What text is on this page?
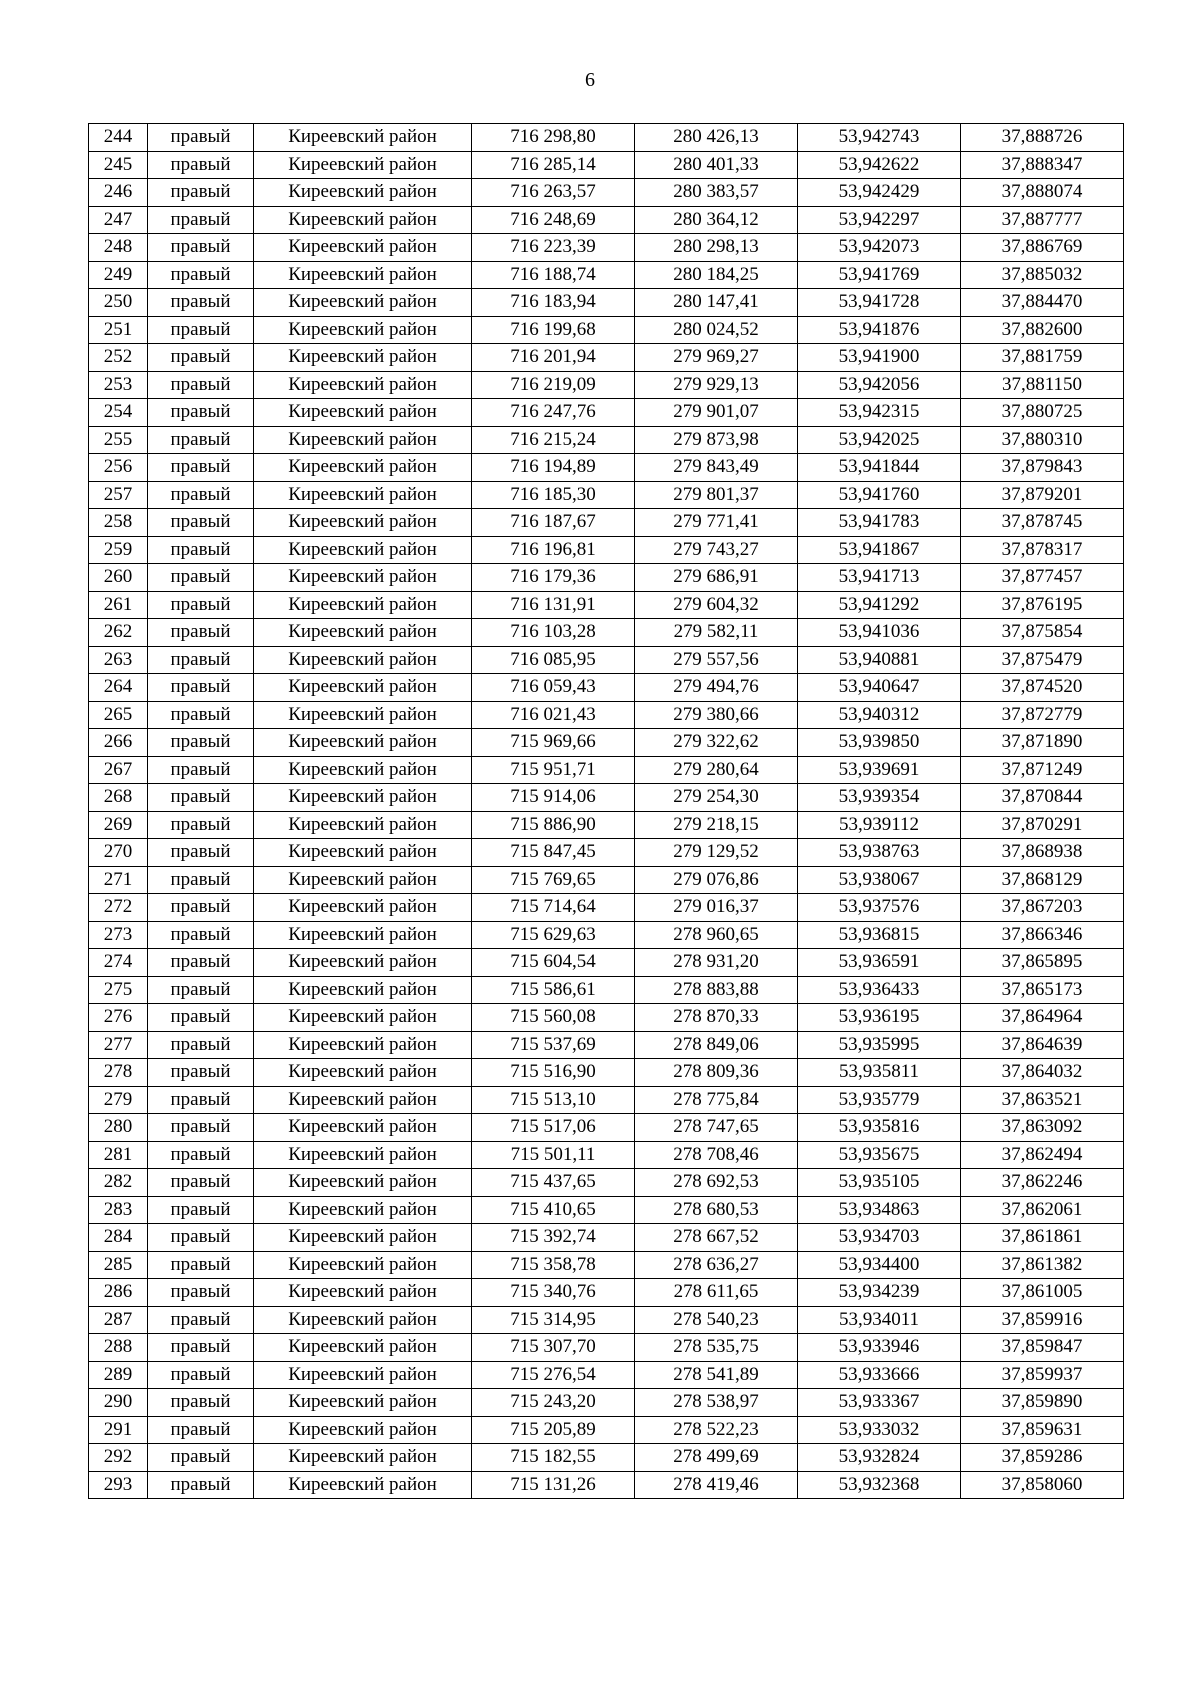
6
244	правый	Киреевский район	716 298,80	280 426,13	53,942743	37,888726
245	правый	Киреевский район	716 285,14	280 401,33	53,942622	37,888347
246	правый	Киреевский район	716 263,57	280 383,57	53,942429	37,888074
247	правый	Киреевский район	716 248,69	280 364,12	53,942297	37,887777
248	правый	Киреевский район	716 223,39	280 298,13	53,942073	37,886769
249	правый	Киреевский район	716 188,74	280 184,25	53,941769	37,885032
250	правый	Киреевский район	716 183,94	280 147,41	53,941728	37,884470
251	правый	Киреевский район	716 199,68	280 024,52	53,941876	37,882600
252	правый	Киреевский район	716 201,94	279 969,27	53,941900	37,881759
253	правый	Киреевский район	716 219,09	279 929,13	53,942056	37,881150
254	правый	Киреевский район	716 247,76	279 901,07	53,942315	37,880725
255	правый	Киреевский район	716 215,24	279 873,98	53,942025	37,880310
256	правый	Киреевский район	716 194,89	279 843,49	53,941844	37,879843
257	правый	Киреевский район	716 185,30	279 801,37	53,941760	37,879201
258	правый	Киреевский район	716 187,67	279 771,41	53,941783	37,878745
259	правый	Киреевский район	716 196,81	279 743,27	53,941867	37,878317
260	правый	Киреевский район	716 179,36	279 686,91	53,941713	37,877457
261	правый	Киреевский район	716 131,91	279 604,32	53,941292	37,876195
262	правый	Киреевский район	716 103,28	279 582,11	53,941036	37,875854
263	правый	Киреевский район	716 085,95	279 557,56	53,940881	37,875479
264	правый	Киреевский район	716 059,43	279 494,76	53,940647	37,874520
265	правый	Киреевский район	716 021,43	279 380,66	53,940312	37,872779
266	правый	Киреевский район	715 969,66	279 322,62	53,939850	37,871890
267	правый	Киреевский район	715 951,71	279 280,64	53,939691	37,871249
268	правый	Киреевский район	715 914,06	279 254,30	53,939354	37,870844
269	правый	Киреевский район	715 886,90	279 218,15	53,939112	37,870291
270	правый	Киреевский район	715 847,45	279 129,52	53,938763	37,868938
271	правый	Киреевский район	715 769,65	279 076,86	53,938067	37,868129
272	правый	Киреевский район	715 714,64	279 016,37	53,937576	37,867203
273	правый	Киреевский район	715 629,63	278 960,65	53,936815	37,866346
274	правый	Киреевский район	715 604,54	278 931,20	53,936591	37,865895
275	правый	Киреевский район	715 586,61	278 883,88	53,936433	37,865173
276	правый	Киреевский район	715 560,08	278 870,33	53,936195	37,864964
277	правый	Киреевский район	715 537,69	278 849,06	53,935995	37,864639
278	правый	Киреевский район	715 516,90	278 809,36	53,935811	37,864032
279	правый	Киреевский район	715 513,10	278 775,84	53,935779	37,863521
280	правый	Киреевский район	715 517,06	278 747,65	53,935816	37,863092
281	правый	Киреевский район	715 501,11	278 708,46	53,935675	37,862494
282	правый	Киреевский район	715 437,65	278 692,53	53,935105	37,862246
283	правый	Киреевский район	715 410,65	278 680,53	53,934863	37,862061
284	правый	Киреевский район	715 392,74	278 667,52	53,934703	37,861861
285	правый	Киреевский район	715 358,78	278 636,27	53,934400	37,861382
286	правый	Киреевский район	715 340,76	278 611,65	53,934239	37,861005
287	правый	Киреевский район	715 314,95	278 540,23	53,934011	37,859916
288	правый	Киреевский район	715 307,70	278 535,75	53,933946	37,859847
289	правый	Киреевский район	715 276,54	278 541,89	53,933666	37,859937
290	правый	Киреевский район	715 243,20	278 538,97	53,933367	37,859890
291	правый	Киреевский район	715 205,89	278 522,23	53,933032	37,859631
292	правый	Киреевский район	715 182,55	278 499,69	53,932824	37,859286
293	правый	Киреевский район	715 131,26	278 419,46	53,932368	37,858060
